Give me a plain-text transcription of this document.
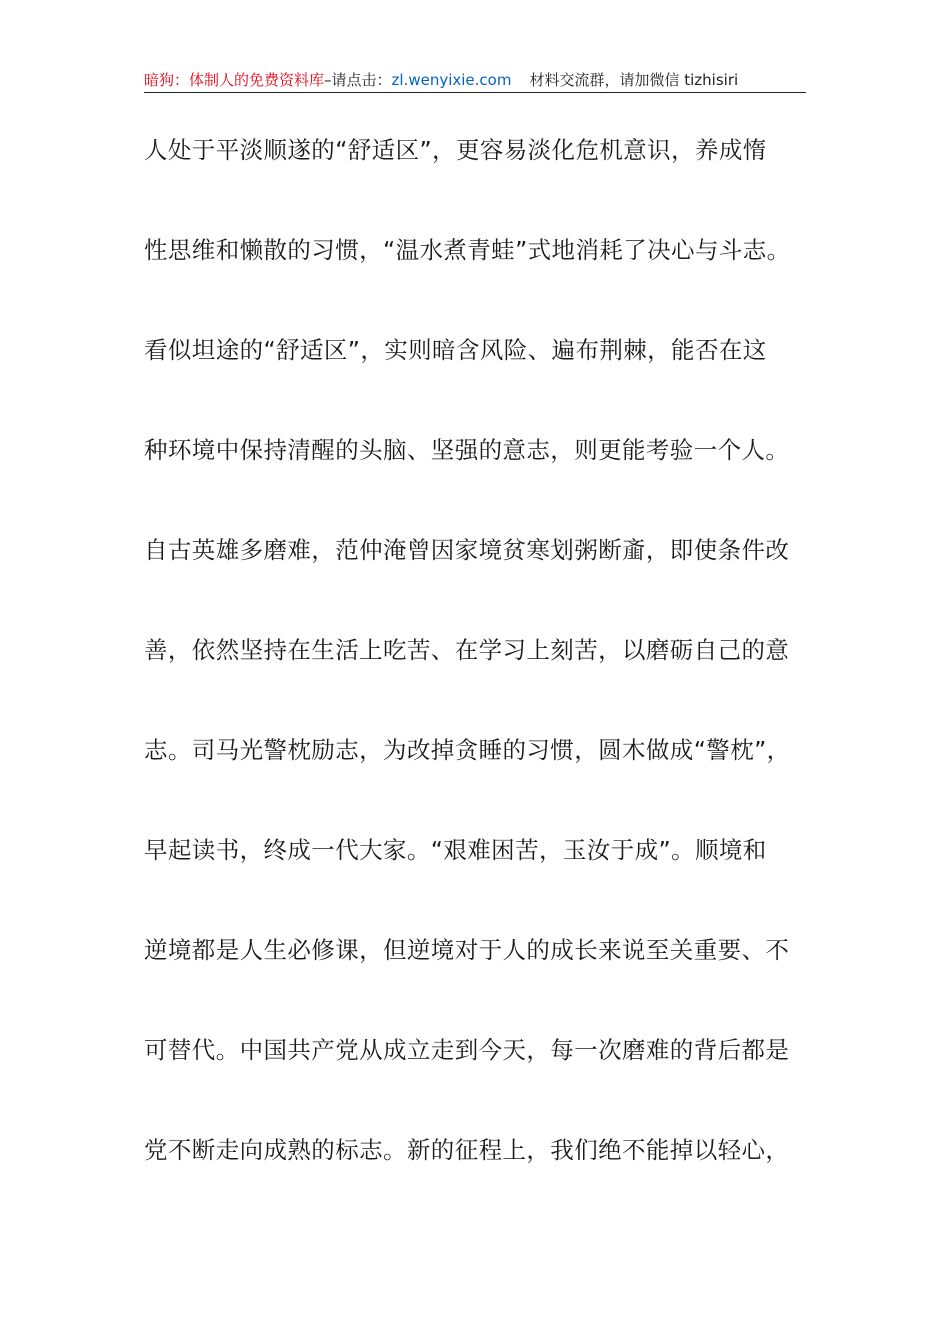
暗狗：体制人的免费资料库–请点击：zl.wenyixie.com 材料交流群，请加微信 tizhisiri
人处于平淡顺遂的“舒适区”，更容易淡化危机意识，养成惰
性思维和懒散的习惯，“温水煮青蛙”式地消耗了决心与斗志。
看似坦途的“舒适区”，实则暗含风险、遍布荆棘，能否在这
种环境中保持清醒的头脑、坚强的意志，则更能考验一个人。
自古英雄多磨难，范仲淹曾因家境贫寒划粥断齑，即使条件改
善，依然坚持在生活上吃苦、在学习上刻苦，以磨砺自己的意
志。司马光警枕励志，为改掉贪睡的习惯，圆木做成“警枕”，
早起读书，终成一代大家。“艰难困苦，玉汝于成”。顺境和
逆境都是人生必修课，但逆境对于人的成长来说至关重要、不
可替代。中国共产党从成立走到今天，每一次磨难的背后都是
党不断走向成熟的标志。新的征程上，我们绝不能掉以轻心，
